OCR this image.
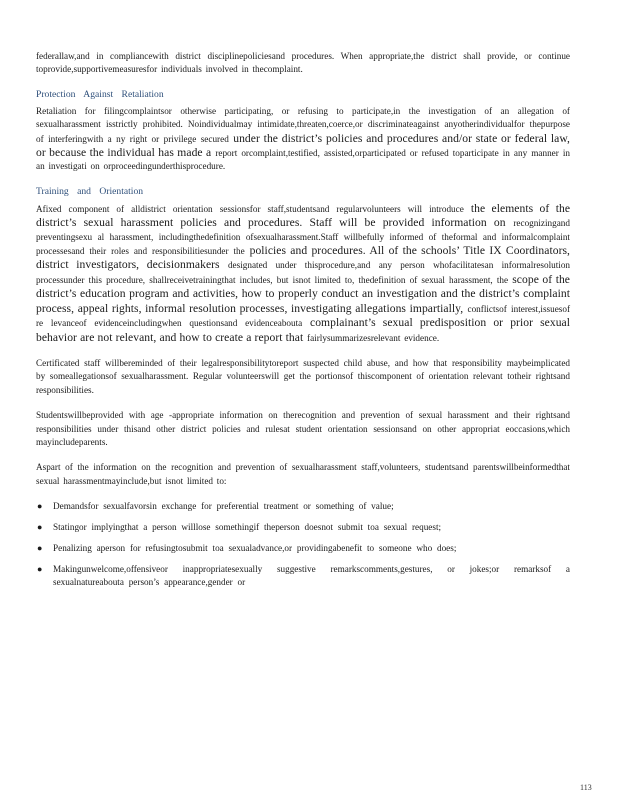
federallaw,and in compliancewith district disciplinepoliciesand procedures. When appropriate,the district shall provide, or continue toprovide,supportivemeasuresfor individuals involved in thecomplaint.

Protection Against Retaliation

Retaliation for filingcomplaintsor otherwise participating, or refusing to participate,in the investigation of an allegation of sexualharassment isstrictly prohibited. Noindividualmay intimidate,threaten,coerce,or discriminateagainst anyotherindividualfor thepurpose of interferingwith a ny right or privilege secured under the district’s policies and procedures and/or state or federal law, or because the individual has made a report orcomplaint,testified, assisted,orparticipated or refused toparticipate in any manner in an investigati on orproceedingunderthisprocedure.

Training and Orientation

Afixed component of alldistrict orientation sessionsfor staff,studentsand regularvolunteers will introduce the elements of the district’s sexual harassment policies and procedures. Staff will be provided information on recognizingand preventingsexu al harassment, includingthedefinition ofsexualharassment.Staff willbefully informed of theformal and informalcomplaint processesand their roles and responsibilitiesunder the policies and procedures. All of the schools’ Title IX Coordinators, district investigators, decisionmakers designated under thisprocedure,and any person whofacilitatesan informalresolution processunder this procedure, shallreceivetrainingthat includes, but isnot limited to, thedefinition of sexual harassment, the scope of the district’s education program and activities, how to properly conduct an investigation and the district’s complaint process, appeal rights, informal resolution processes, investigating allegations impartially, conflictsof interest,issuesof re levanceof evidenceincludingwhen questionsand evidenceabouta complainant’s sexual predisposition or prior sexual behavior are not relevant, and how to create a report that fairlysummarizesrelevant evidence.

Certificated staff willbereminded of their legalresponsibilitytoreport suspected child abuse, and how that responsibility maybeimplicated by someallegationsof sexualharassment. Regular volunteerswill get the portionsof thiscomponent of orientation relevant totheir rightsand responsibilities.

Studentswillbeprovided with age -appropriate information on therecognition and prevention of sexual harassment and their rightsand responsibilities under thisand other district policies and rulesat student orientation sessionsand on other appropriat eoccasions,which mayincludeparents.

Aspart of the information on the recognition and prevention of sexualharassment staff,volunteers, studentsand parentswillbeinformedthat sexual harassmentmayinclude,but isnot limited to:

● Demandsfor sexualfavorsin exchange for preferential treatment or something of value;
● Statingor implyingthat a person willlose somethingif theperson doesnot submit toa sexual request;
● Penalizing aperson for refusingtosubmit toa sexualadvance,or providingabenefit to someone who does;
● Makingunwelcome,offensiveor inappropriatesexually suggestive remarkscomments,gestures, or jokes;or remarksof a sexualnatureabouta person’s appearance,gender or
113
